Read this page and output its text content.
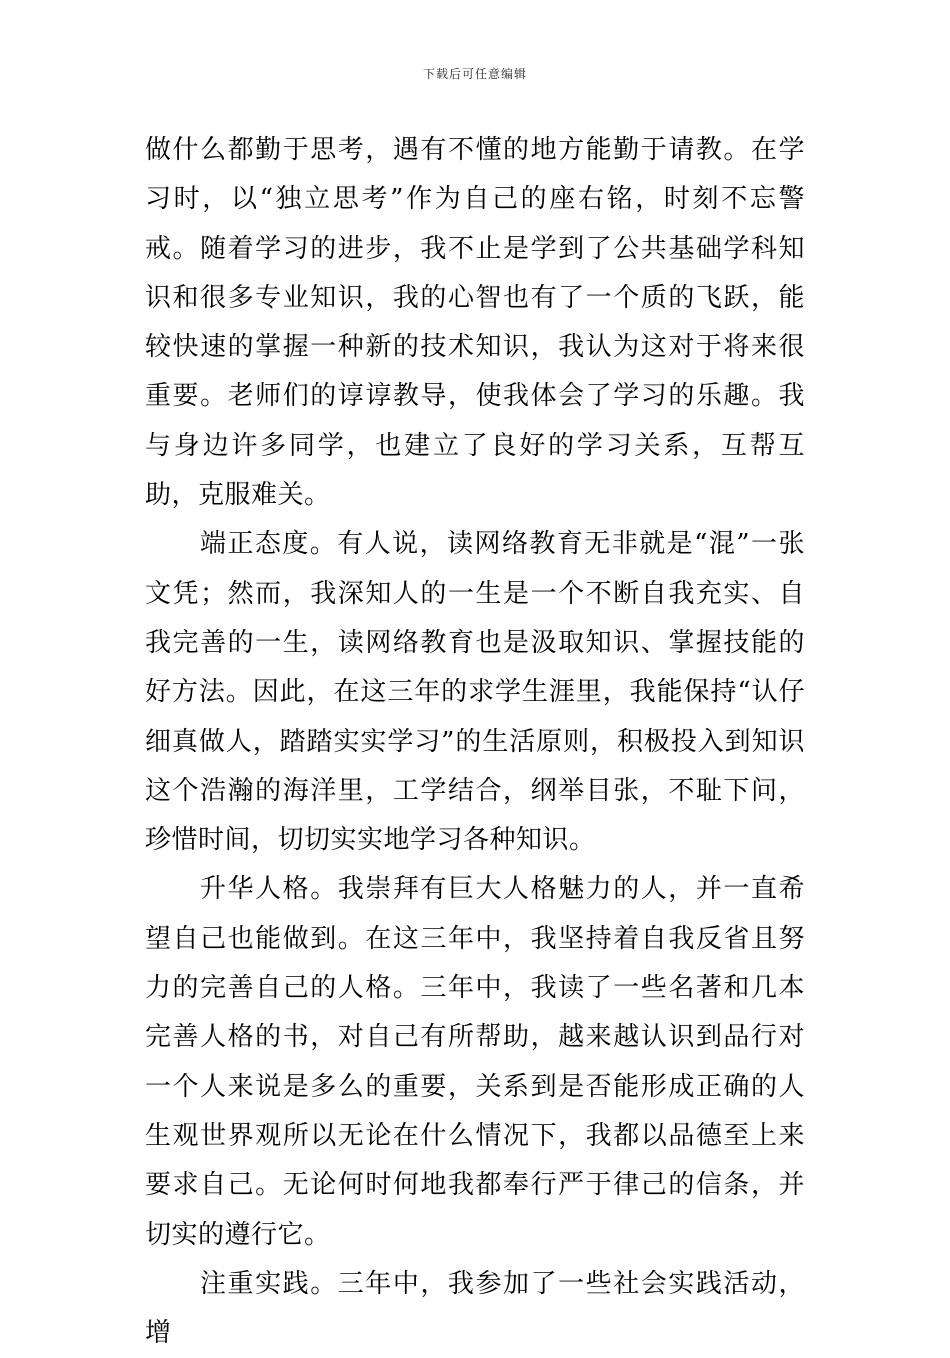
下载后可任意编辑

做什么都勤于思考，遇有不懂的地方能勤于请教。在学习时，以“独立思考”作为自己的座右铭，时刻不忘警戒。随着学习的进步，我不止是学到了公共基础学科知识和很多专业知识，我的心智也有了一个质的飞跃，能较快速的掌握一种新的技术知识，我认为这对于将来很重要。老师们的谆谆教导，使我体会了学习的乐趣。我与身边许多同学，也建立了良好的学习关系，互帮互助，克服难关。

端正态度。有人说，读网络教育无非就是“混”一张文凭；然而，我深知人的一生是一个不断自我充实、自我完善的一生，读网络教育也是汲取知识、掌握技能的好方法。因此，在这三年的求学生涯里，我能保持“认仔细真做人，踏踏实实学习”的生活原则，积极投入到知识这个浩瀚的海洋里，工学结合，纲举目张，不耻下问，珍惜时间，切切实实地学习各种知识。

升华人格。我崇拜有巨大人格魅力的人，并一直希望自己也能做到。在这三年中，我坚持着自我反省且努力的完善自己的人格。三年中，我读了一些名著和几本完善人格的书，对自己有所帮助，越来越认识到品行对一个人来说是多么的重要，关系到是否能形成正确的人生观世界观所以无论在什么情况下，我都以品德至上来要求自己。无论何时何地我都奉行严于律己的信条，并切实的遵行它。

注重实践。三年中，我参加了一些社会实践活动，增
